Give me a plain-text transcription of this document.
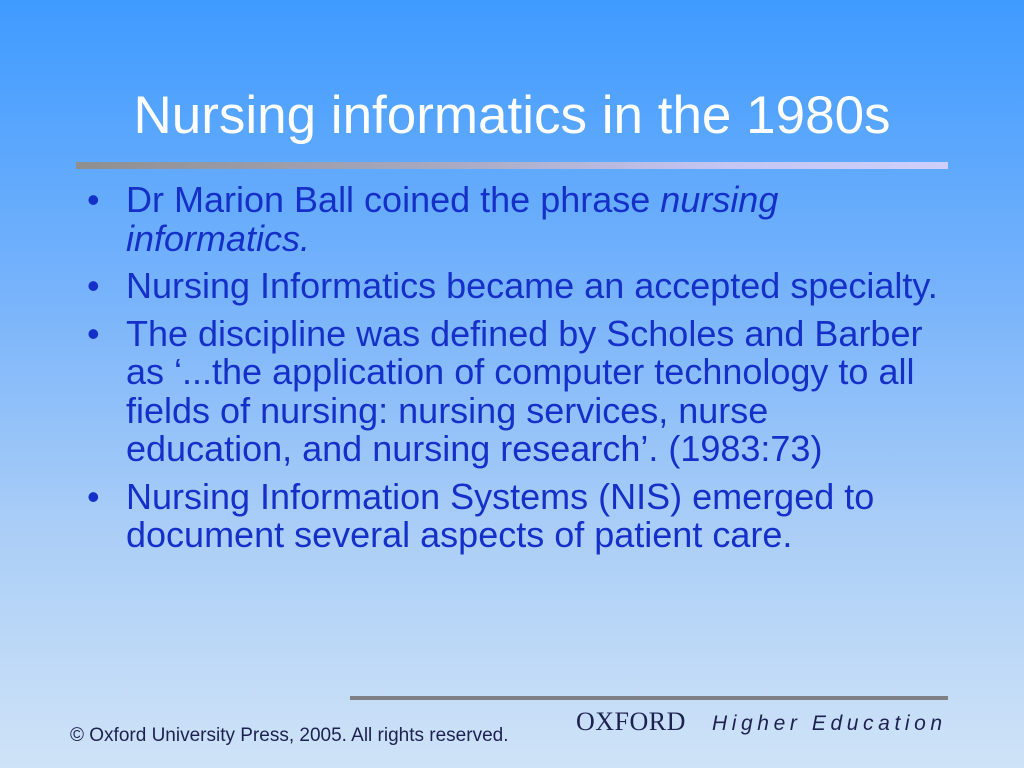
Nursing informatics in the 1980s
• Dr Marion Ball coined the phrase nursing informatics.
• Nursing Informatics became an accepted specialty.
• The discipline was defined by Scholes and Barber as ‘...the application of computer technology to all fields of nursing: nursing services, nurse education, and nursing research’. (1983:73)
• Nursing Information Systems (NIS) emerged to document several aspects of patient care.
© Oxford University Press, 2005. All rights reserved.	OXFORD Higher Education
